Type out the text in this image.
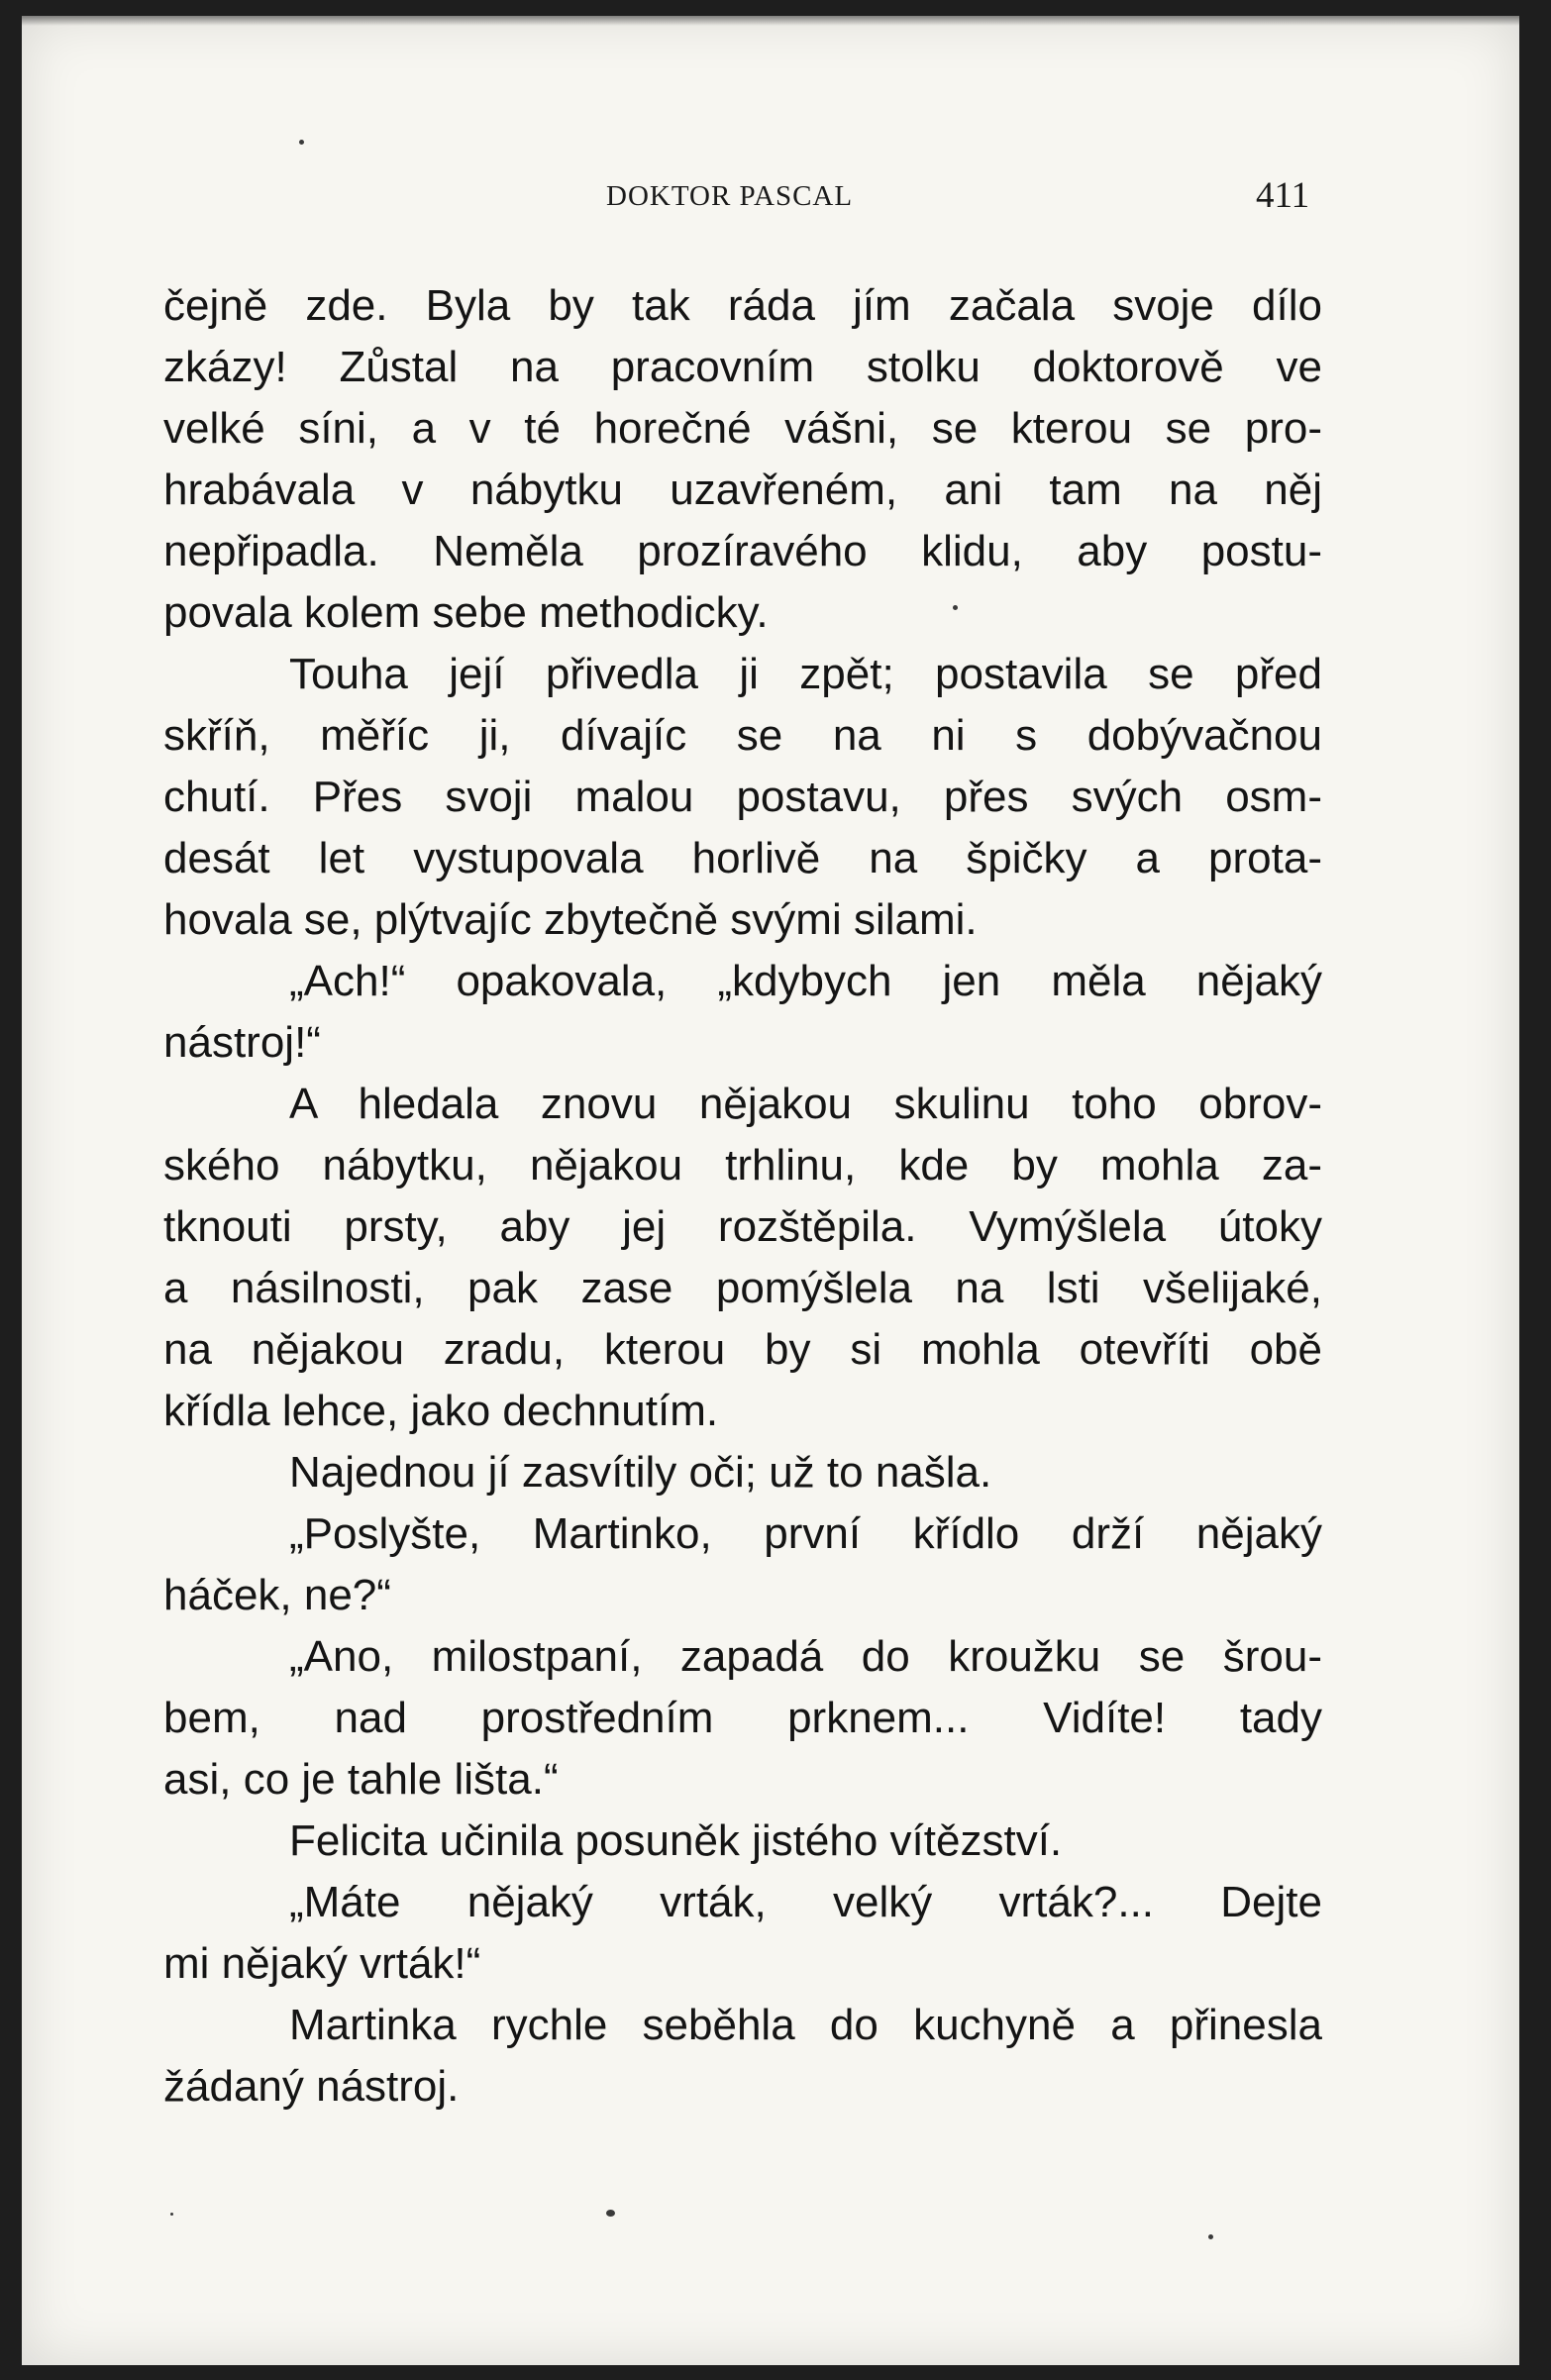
DOKTOR PASCAL	411
čejně zde. Byla by tak ráda jím začala svoje dílo
zkázy! Zůstal na pracovním stolku doktorově ve
velké síni, a v té horečné vášni, se kterou se pro-
hrabávala v nábytku uzavřeném, ani tam na něj
nepřipadla. Neměla prozíravého klidu, aby postu-
povala kolem sebe methodicky.
Touha její přivedla ji zpět; postavila se před
skříň, měříc ji, dívajíc se na ni s dobývačnou
chutí. Přes svoji malou postavu, přes svých osm-
desát let vystupovala horlivě na špičky a prota-
hovala se, plýtvajíc zbytečně svými silami.
„Ach!“ opakovala, „kdybych jen měla nějaký
nástroj!“
A hledala znovu nějakou skulinu toho obrov-
ského nábytku, nějakou trhlinu, kde by mohla za-
tknouti prsty, aby jej rozštěpila. Vymýšlela útoky
a násilnosti, pak zase pomýšlela na lsti všelijaké,
na nějakou zradu, kterou by si mohla otevříti obě
křídla lehce, jako dechnutím.
Najednou jí zasvítily oči; už to našla.
„Poslyšte, Martinko, první křídlo drží nějaký
háček, ne?“
„Ano, milostpaní, zapadá do kroužku se šrou-
bem, nad prostředním prknem... Vidíte! tady
asi, co je tahle lišta.“
Felicita učinila posuněk jistého vítězství.
„Máte nějaký vrták, velký vrták?... Dejte
mi nějaký vrták!“
Martinka rychle seběhla do kuchyně a přinesla
žádaný nástroj.
